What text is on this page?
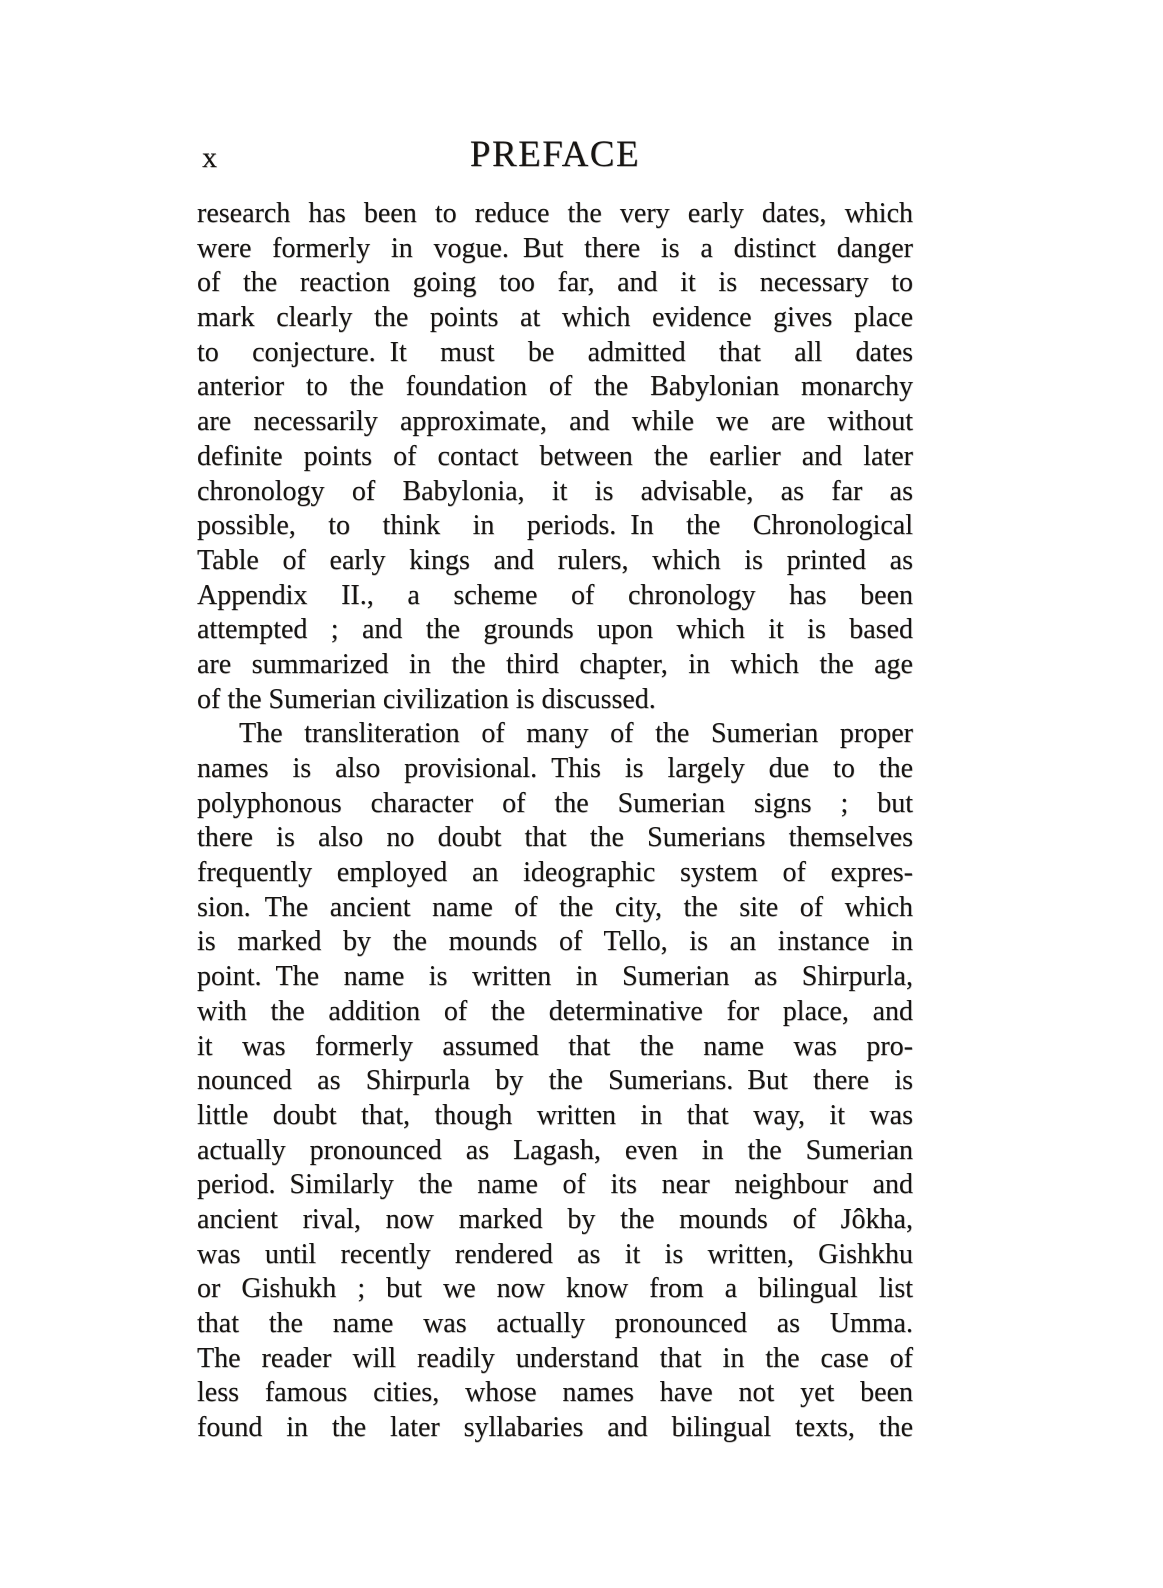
x	PREFACE
research has been to reduce the very early dates, which
were formerly in vogue. But there is a distinct danger
of the reaction going too far, and it is necessary to
mark clearly the points at which evidence gives place
to conjecture. It must be admitted that all dates
anterior to the foundation of the Babylonian monarchy
are necessarily approximate, and while we are without
definite points of contact between the earlier and later
chronology of Babylonia, it is advisable, as far as
possible, to think in periods. In the Chronological
Table of early kings and rulers, which is printed as
Appendix II., a scheme of chronology has been
attempted ; and the grounds upon which it is based
are summarized in the third chapter, in which the age
of the Sumerian civilization is discussed.
The transliteration of many of the Sumerian proper
names is also provisional. This is largely due to the
polyphonous character of the Sumerian signs ; but
there is also no doubt that the Sumerians themselves
frequently employed an ideographic system of expres-
sion. The ancient name of the city, the site of which
is marked by the mounds of Tello, is an instance in
point. The name is written in Sumerian as Shirpurla,
with the addition of the determinative for place, and
it was formerly assumed that the name was pro-
nounced as Shirpurla by the Sumerians. But there is
little doubt that, though written in that way, it was
actually pronounced as Lagash, even in the Sumerian
period. Similarly the name of its near neighbour and
ancient rival, now marked by the mounds of Jôkha,
was until recently rendered as it is written, Gishkhu
or Gishukh ; but we now know from a bilingual list
that the name was actually pronounced as Umma.
The reader will readily understand that in the case of
less famous cities, whose names have not yet been
found in the later syllabaries and bilingual texts, the
